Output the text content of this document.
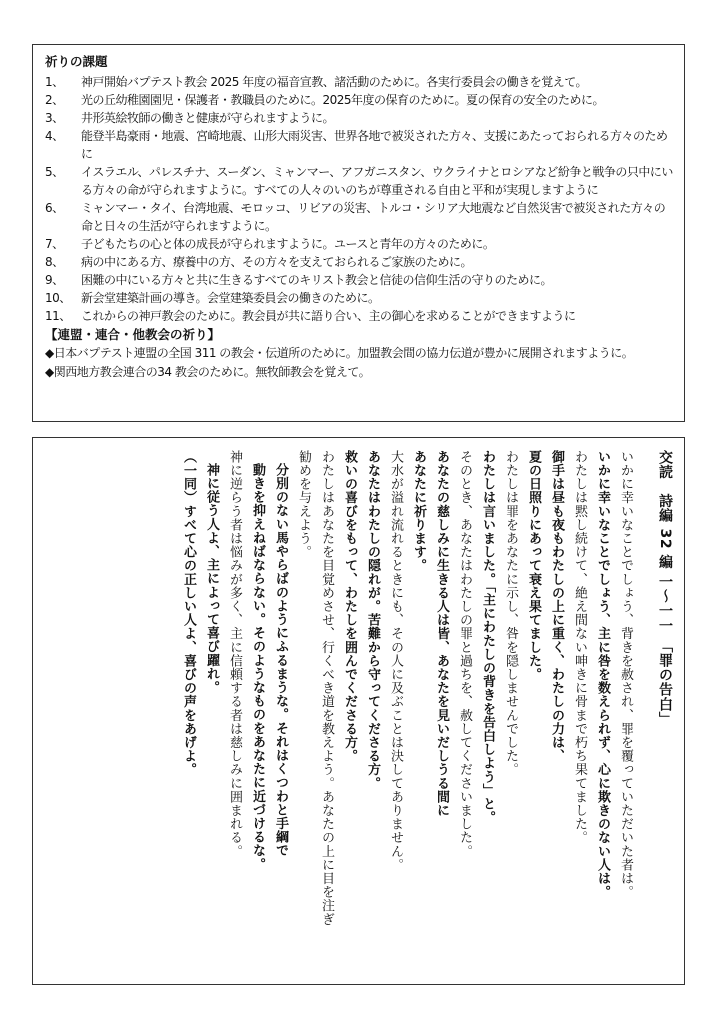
祈りの課題
1、	神戸開始バプテスト教会 2025 年度の福音宣教、諸活動のために。各実行委員会の働きを覚えて。
2、	光の丘幼稚園園児・保護者・教職員のために。2025年度の保育のために。夏の保育の安全のために。
3、	井形英絵牧師の働きと健康が守られますように。
4、	能登半島豪雨・地震、宮崎地震、山形大雨災害、世界各地で被災された方々、支援にあたっておられる方々のために
5、	イスラエル、パレスチナ、スーダン、ミャンマー、アフガニスタン、ウクライナとロシアなど紛争と戦争の只中にいる方々の命が守られますように。すべての人々のいのちが尊重される自由と平和が実現しますように
6、	ミャンマー・タイ、台湾地震、モロッコ、リビアの災害、トルコ・シリア大地震など自然災害で被災された方々の命と日々の生活が守られますように。
7、	子どもたちの心と体の成長が守られますように。ユースと青年の方々のために。
8、	病の中にある方、療養中の方、その方々を支えておられるご家族のために。
9、	困難の中にいる方々と共に生きるすべてのキリスト教会と信徒の信仰生活の守りのために。
10、 新会堂建築計画の導き。会堂建築委員会の働きのために。
11、 これからの神戸教会のために。教会員が共に語り合い、主の御心を求めることができますように
【連盟・連合・他教会の祈り】
◆日本バプテスト連盟の全国 311 の教会・伝道所のために。加盟教会間の協力伝道が豊かに展開されますように。
◆関西地方教会連合の34 教会のために。無牧師教会を覚えて。

交読　詩編 32 編 一〜一一 「罪の告白」

いかに幸いなことでしょう、背きを赦され、罪を覆っていただいた者は。

いかに幸いなことでしょう、主に咎を数えられず、心に欺きのない人は。

わたしは黙し続けて、絶え間ない呻きに骨まで朽ち果てました。

御手は昼も夜もわたしの上に重く、わたしの力は、

夏の日照りにあって衰え果てました。

わたしは罪をあなたに示し、咎を隠しませんでした。

わたしは言いました。「主にわたしの背きを告白しよう」と。

そのとき、あなたはわたしの罪と過ちを、赦してくださいました。

あなたの慈しみに生きる人は皆、あなたを見いだしうる間に

あなたに祈ります。

大水が溢れ流れるときにも、その人に及ぶことは決してありません。

あなたはわたしの隠れが。苦難から守ってくださる方。

救いの喜びをもって、わたしを囲んでくださる方。

わたしはあなたを目覚めさせ、行くべき道を教えよう。あなたの上に目を注ぎ

勧めを与えよう。

分別のない馬やらばのようにふるまうな。それはくつわと手綱で

動きを抑えねばならない。そのようなものをあなたに近づけるな。

神に逆らう者は悩みが多く、主に信頼する者は慈しみに囲まれる。

神に従う人よ、主によって喜び躍れ。

（一同）すべて心の正しい人よ、喜びの声をあげよ。
